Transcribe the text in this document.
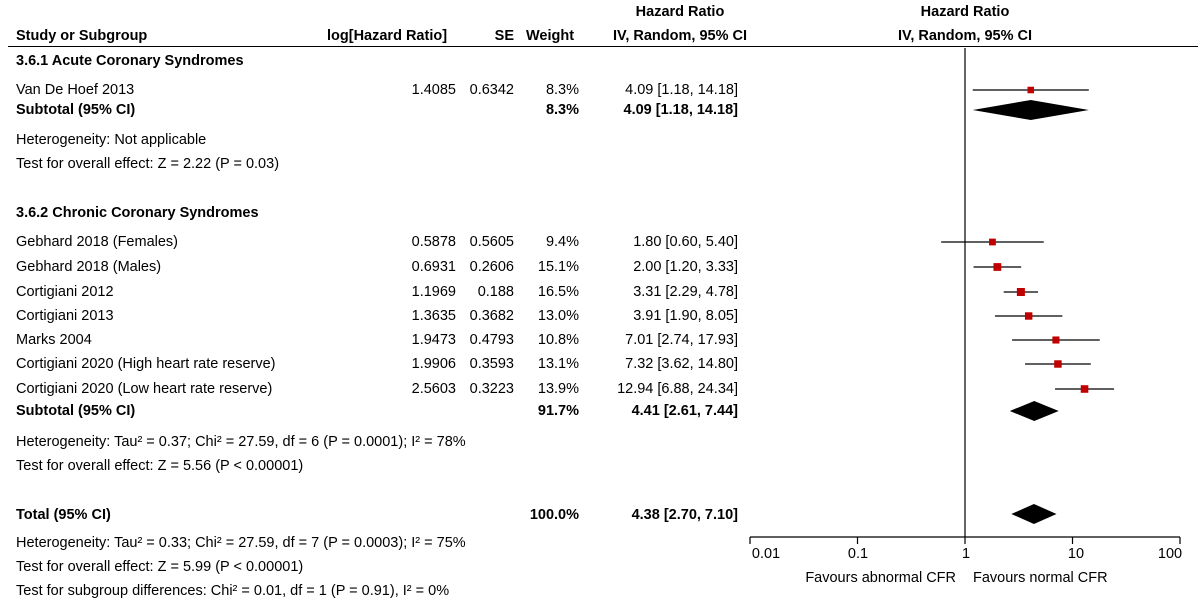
Hazard Ratio	Hazard Ratio
Study or Subgroup	log[Hazard Ratio]	SE Weight	IV, Random, 95% CI	IV, Random, 95% CI
3.6.1 Acute Coronary Syndromes
Van De Hoef 2013	1.4085 0.6342	8.3%	4.09 [1.18, 14.18]
Subtotal (95% CI)	8.3%	4.09 [1.18, 14.18]
Heterogeneity: Not applicable
Test for overall effect: Z = 2.22 (P = 0.03)
3.6.2 Chronic Coronary Syndromes
Gebhard 2018 (Females)	0.5878 0.5605	9.4%	1.80 [0.60, 5.40]
Gebhard 2018 (Males)	0.6931 0.2606	15.1%	2.00 [1.20, 3.33]
Cortigiani 2012	1.1969	0.188	16.5%	3.31 [2.29, 4.78]
Cortigiani 2013	1.3635 0.3682	13.0%	3.91 [1.90, 8.05]
Marks 2004	1.9473 0.4793	10.8%	7.01 [2.74, 17.93]
Cortigiani 2020 (High heart rate reserve)	1.9906 0.3593	13.1%	7.32 [3.62, 14.80]
Cortigiani 2020 (Low heart rate reserve)	2.5603 0.3223	13.9%	12.94 [6.88, 24.34]
Subtotal (95% CI)	91.7%	4.41 [2.61, 7.44]
Heterogeneity: Tau² = 0.37; Chi² = 27.59, df = 6 (P = 0.0001); I² = 78%
Test for overall effect: Z = 5.56 (P < 0.00001)
Total (95% CI)	100.0%	4.38 [2.70, 7.10]
Heterogeneity: Tau² = 0.33; Chi² = 27.59, df = 7 (P = 0.0003); I² = 75%
Test for overall effect: Z = 5.99 (P < 0.00001)
Test for subgroup differences: Chi² = 0.01, df = 1 (P = 0.91), I² = 0%
0.01	0.1	1	10	100
Favours abnormal CFR Favours normal CFR
